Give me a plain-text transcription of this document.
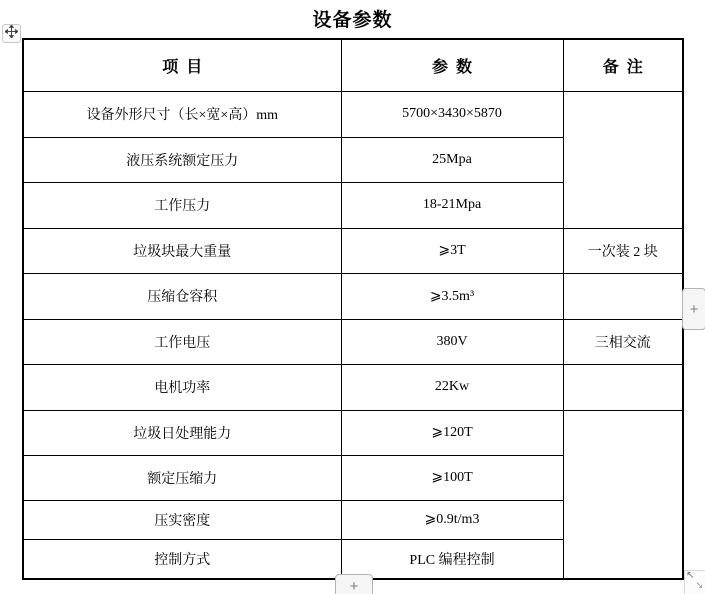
设备参数
项  目	参  数	备  注
设备外形尺寸（长×宽×高）mm	5700×3430×5870	
液压系统额定压力	25Mpa	
工作压力	18-21Mpa	
垃圾块最大重量	⩾3T	一次装 2 块
压缩仓容积	⩾3.5m³	
工作电压	380V	三相交流
电机功率	22Kw	
垃圾日处理能力	⩾120T	
额定压缩力	⩾100T	
压实密度	⩾0.9t/m3	
控制方式	PLC 编程控制	
+
+
↖
↘
